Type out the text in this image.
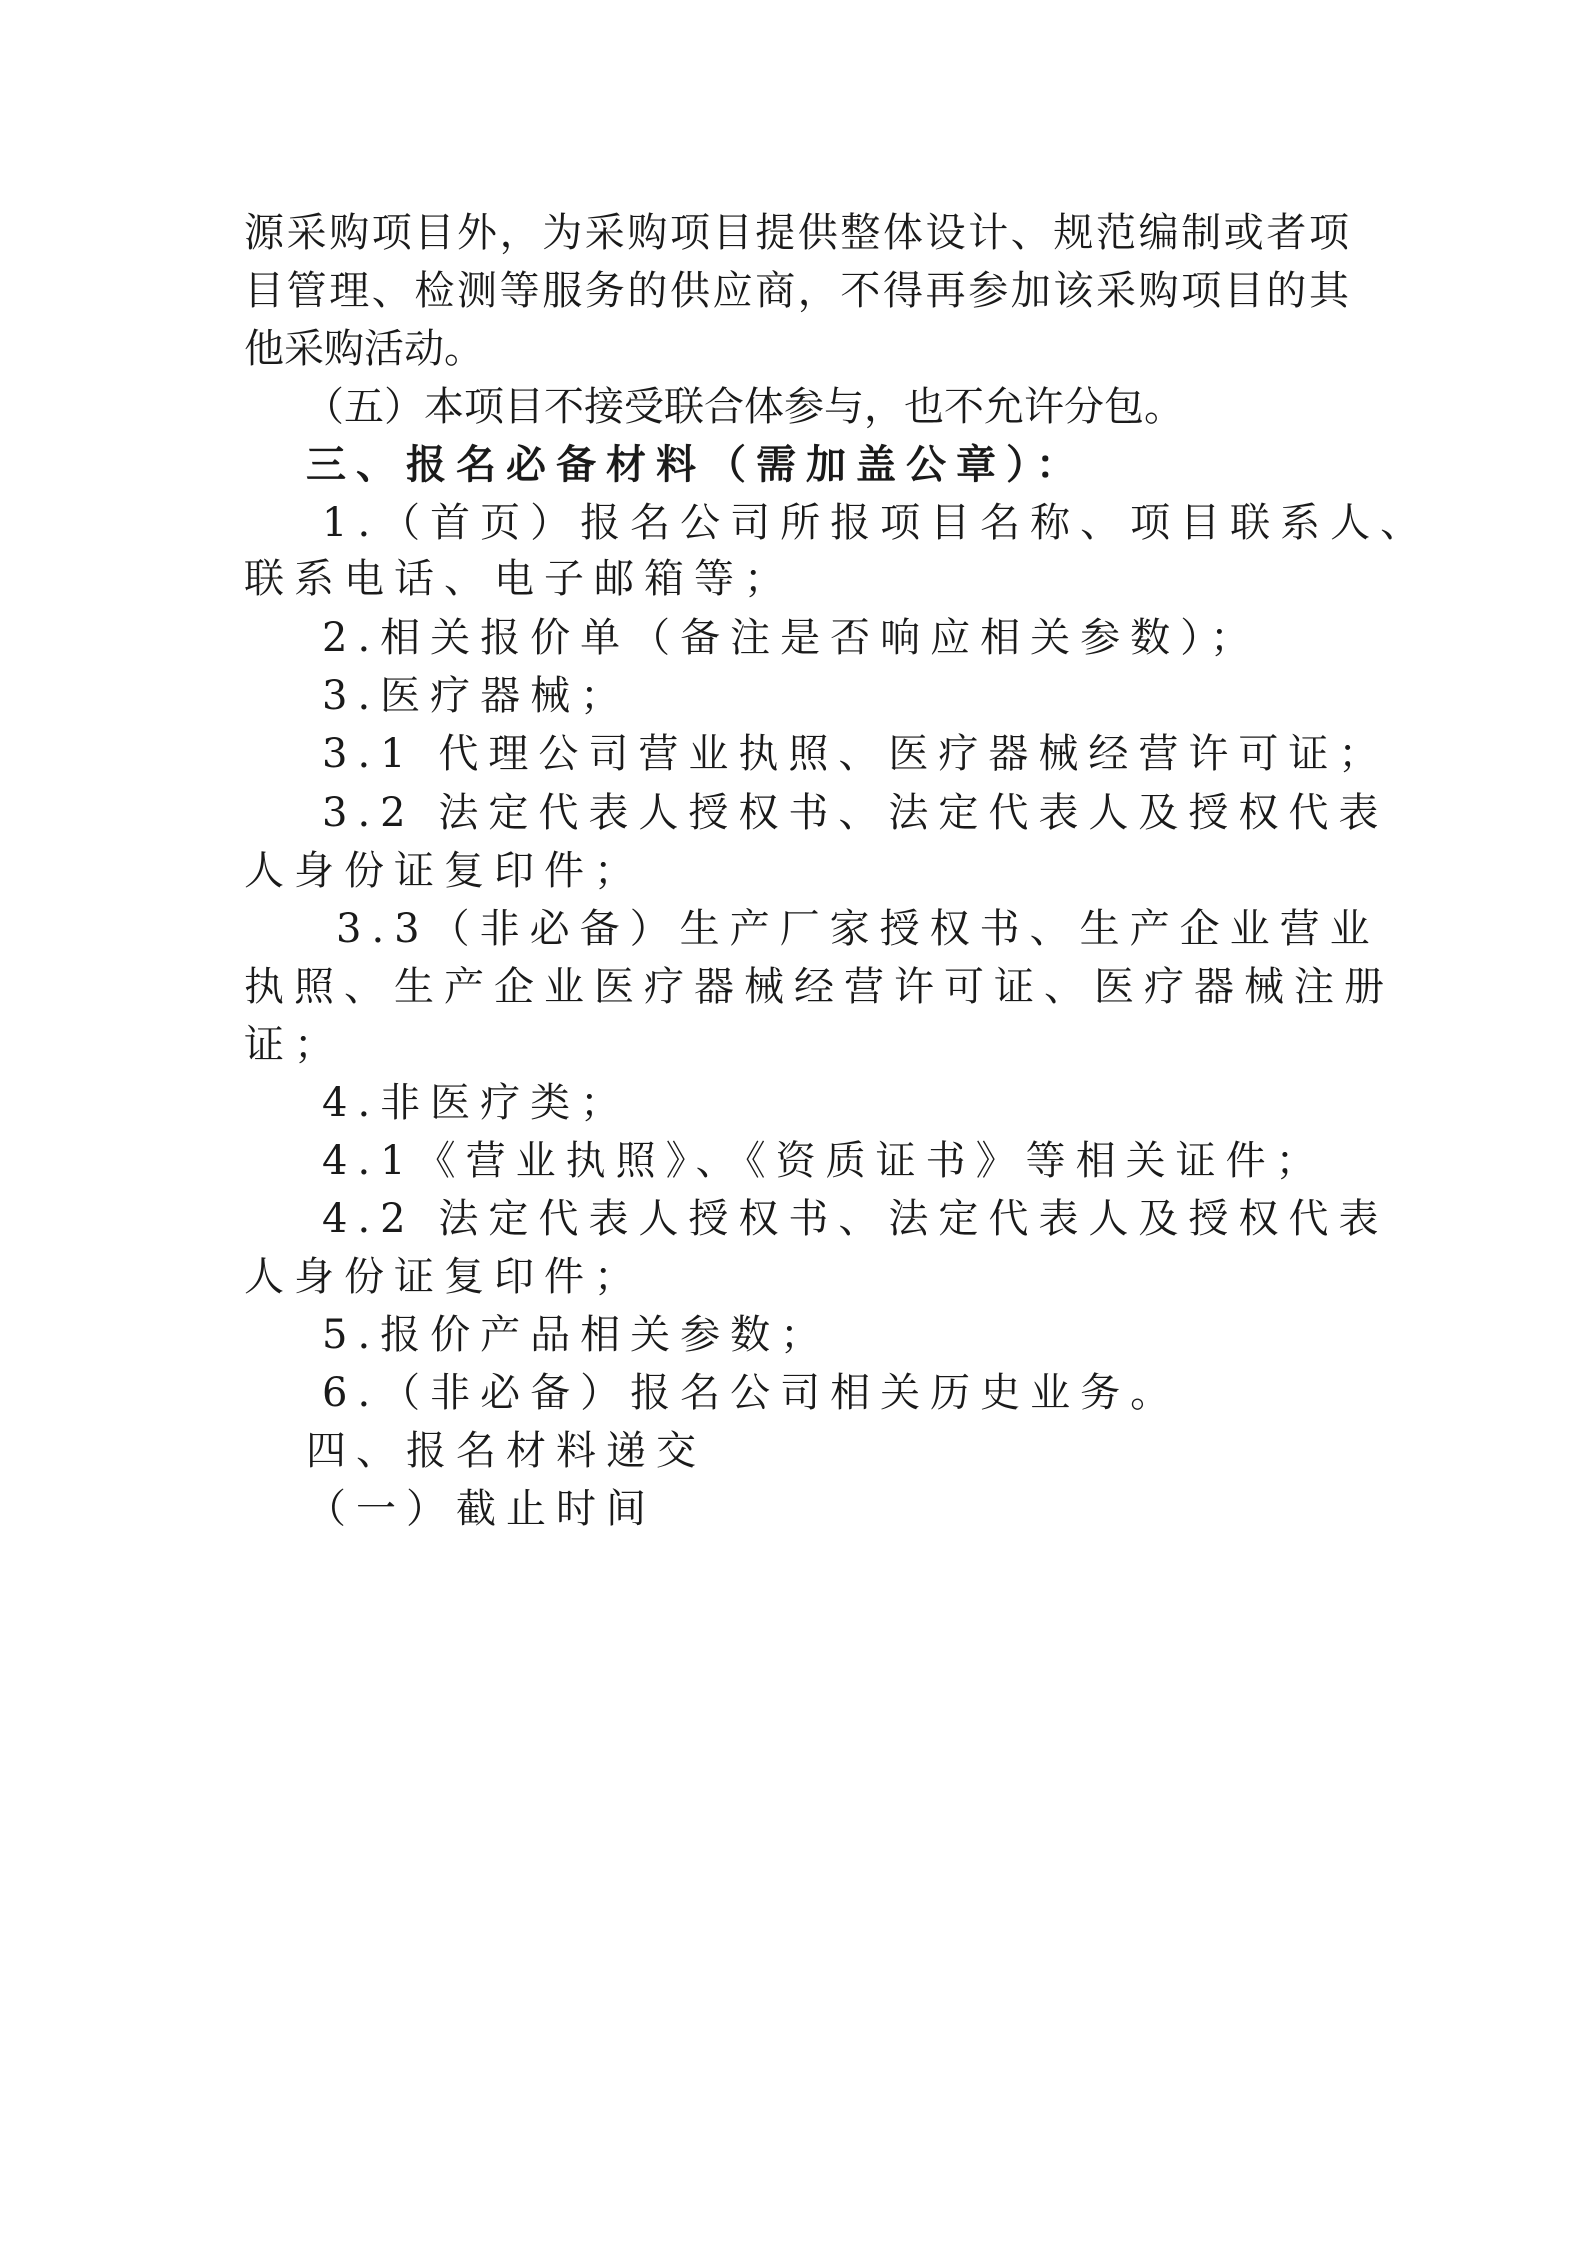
源采购项目外，为采购项目提供整体设计、规范编制或者项
目管理、检测等服务的供应商，不得再参加该采购项目的其
他采购活动。
（五）本项目不接受联合体参与，也不允许分包。
三、报名必备材料（需加盖公章）：
1.（首页）报名公司所报项目名称、项目联系人、
联系电话、电子邮箱等；
2.相关报价单（备注是否响应相关参数）；
3.医疗器械；
3.1 代理公司营业执照、医疗器械经营许可证；
3.2 法定代表人授权书、法定代表人及授权代表
人身份证复印件；
3.3（非必备）生产厂家授权书、生产企业营业
执照、生产企业医疗器械经营许可证、医疗器械注册
证；
4.非医疗类；
4.1《营业执照》、《资质证书》等相关证件；
4.2 法定代表人授权书、法定代表人及授权代表
人身份证复印件；
5.报价产品相关参数；
6.（非必备）报名公司相关历史业务。
四、报名材料递交
（一）截止时间
